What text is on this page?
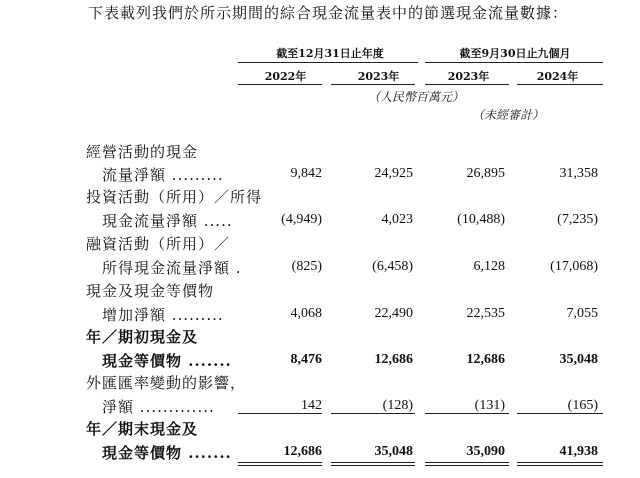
下表載列我們於所示期間的綜合現金流量表中的節選現金流量數據：
截至12月31日止年度	截至9月30日止九個月
2022年	2023年	2023年	2024年
（人民幣百萬元）
（未經審計）
經營活動的現金
流量淨額 .........	9,842	24,925	26,895	31,358
投資活動（所用）／所得
現金流量淨額 .....	(4,949)	4,023	(10,488)	(7,235)
融資活動（所用）／
所得現金流量淨額 .	(825)	(6,458)	6,128	(17,068)
現金及現金等價物
增加淨額 .........	4,068	22,490	22,535	7,055
年／期初現金及
現金等價物 .......	8,476	12,686	12,686	35,048
外匯匯率變動的影響，
淨額 .............	142	(128)	(131)	(165)
年／期末現金及
現金等價物 .......	12,686	35,048	35,090	41,938
